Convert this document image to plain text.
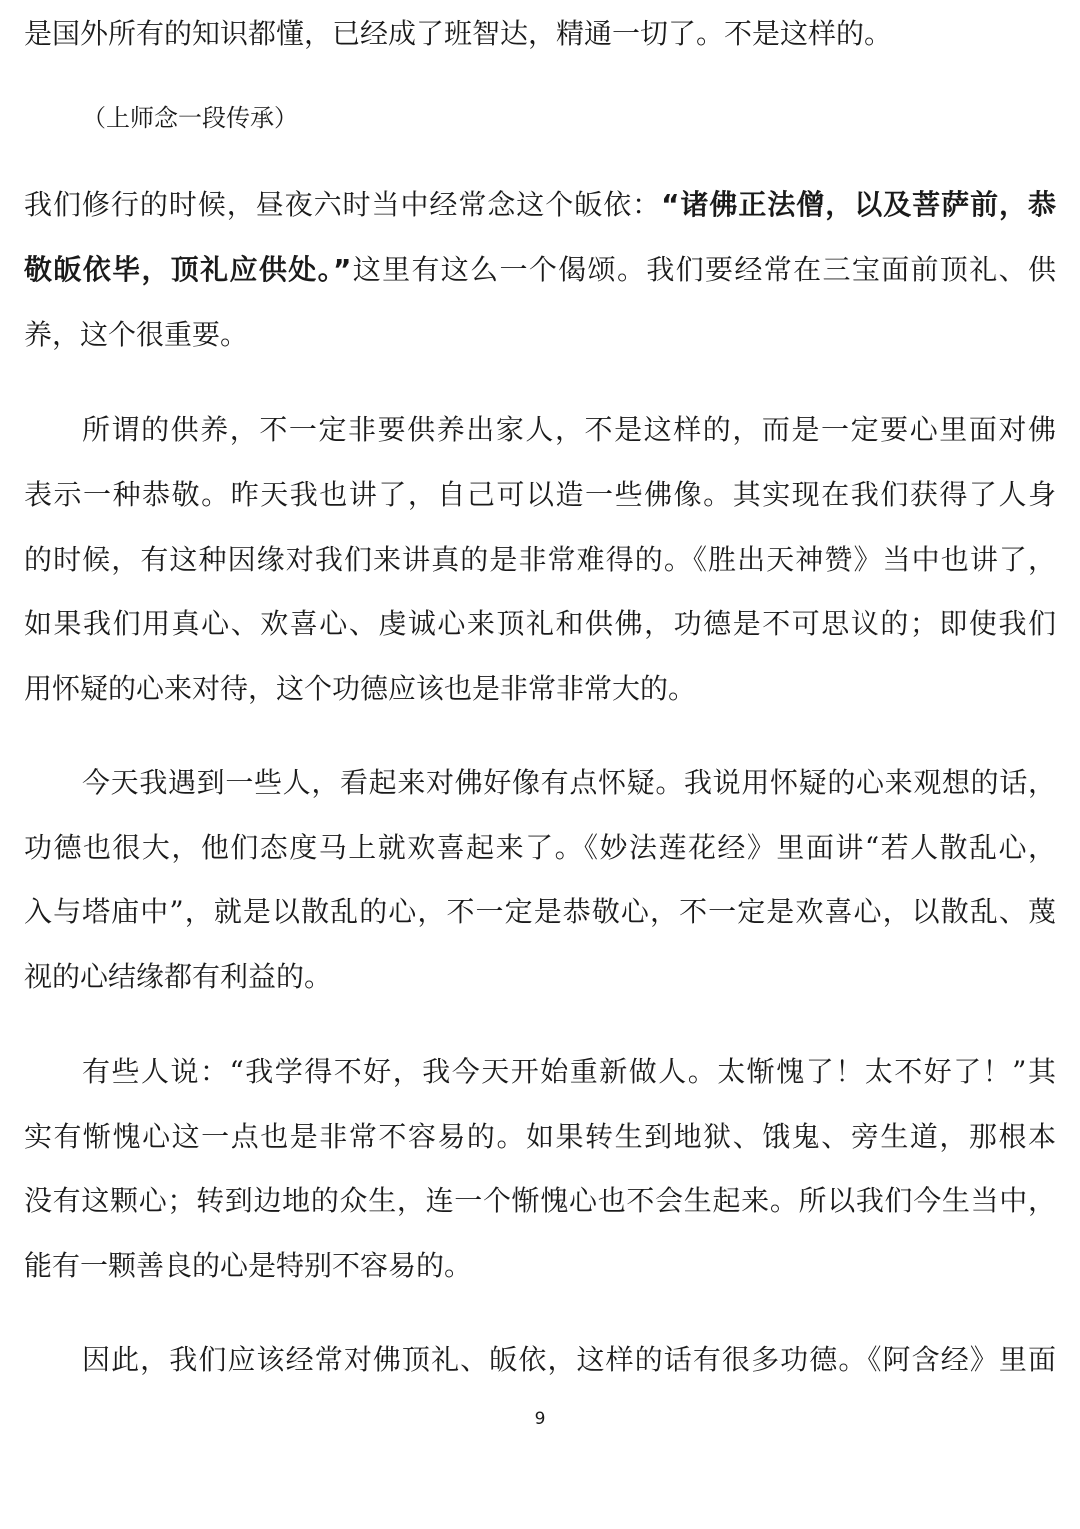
是国外所有的知识都懂，已经成了班智达，精通一切了。不是这样的。
（上师念一段传承）
我们修行的时候，昼夜六时当中经常念这个皈依：“诸佛正法僧，以及菩萨前，恭
敬皈依毕，顶礼应供处。”这里有这么一个偈颂。我们要经常在三宝面前顶礼、供
养，这个很重要。
所谓的供养，不一定非要供养出家人，不是这样的，而是一定要心里面对佛
表示一种恭敬。昨天我也讲了，自己可以造一些佛像。其实现在我们获得了人身
的时候，有这种因缘对我们来讲真的是非常难得的。《胜出天神赞》当中也讲了，
如果我们用真心、欢喜心、虔诚心来顶礼和供佛，功德是不可思议的；即使我们
用怀疑的心来对待，这个功德应该也是非常非常大的。
今天我遇到一些人，看起来对佛好像有点怀疑。我说用怀疑的心来观想的话，
功德也很大，他们态度马上就欢喜起来了。《妙法莲花经》里面讲“若人散乱心，
入与塔庙中”，就是以散乱的心，不一定是恭敬心，不一定是欢喜心，以散乱、蔑
视的心结缘都有利益的。
有些人说：“我学得不好，我今天开始重新做人。太惭愧了！太不好了！”其
实有惭愧心这一点也是非常不容易的。如果转生到地狱、饿鬼、旁生道，那根本
没有这颗心；转到边地的众生，连一个惭愧心也不会生起来。所以我们今生当中，
能有一颗善良的心是特别不容易的。
因此，我们应该经常对佛顶礼、皈依，这样的话有很多功德。《阿含经》里面
9
